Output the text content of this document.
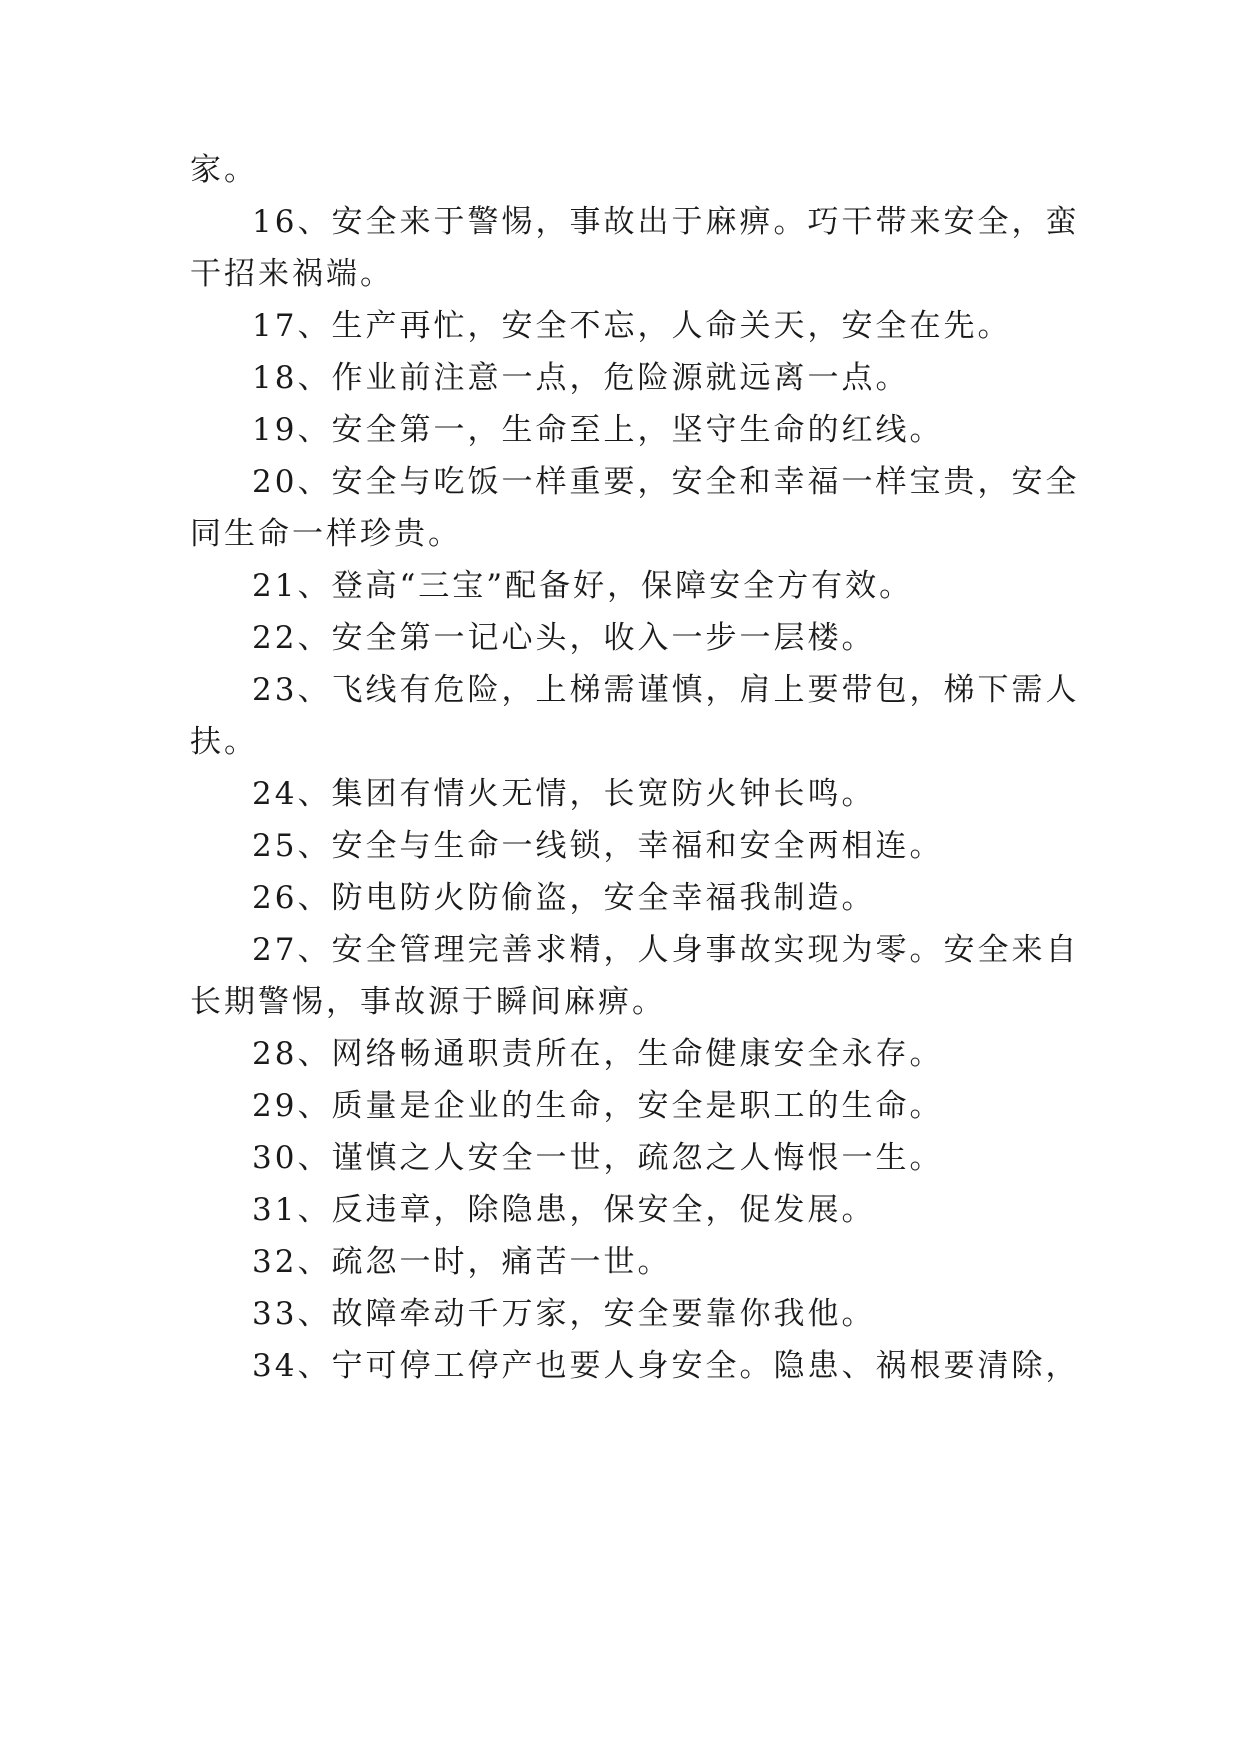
家。
16、安全来于警惕，事故出于麻痹。巧干带来安全，蛮
干招来祸端。
17、生产再忙，安全不忘，人命关天，安全在先。
18、作业前注意一点，危险源就远离一点。
19、安全第一，生命至上，坚守生命的红线。
20、安全与吃饭一样重要，安全和幸福一样宝贵，安全
同生命一样珍贵。
21、登高“三宝”配备好，保障安全方有效。
22、安全第一记心头，收入一步一层楼。
23、飞线有危险，上梯需谨慎，肩上要带包，梯下需人
扶。
24、集团有情火无情，长宽防火钟长鸣。
25、安全与生命一线锁，幸福和安全两相连。
26、防电防火防偷盗，安全幸福我制造。
27、安全管理完善求精，人身事故实现为零。安全来自
长期警惕，事故源于瞬间麻痹。
28、网络畅通职责所在，生命健康安全永存。
29、质量是企业的生命，安全是职工的生命。
30、谨慎之人安全一世，疏忽之人悔恨一生。
31、反违章，除隐患，保安全，促发展。
32、疏忽一时，痛苦一世。
33、故障牵动千万家，安全要靠你我他。
34、宁可停工停产也要人身安全。隐患、祸根要清除，
